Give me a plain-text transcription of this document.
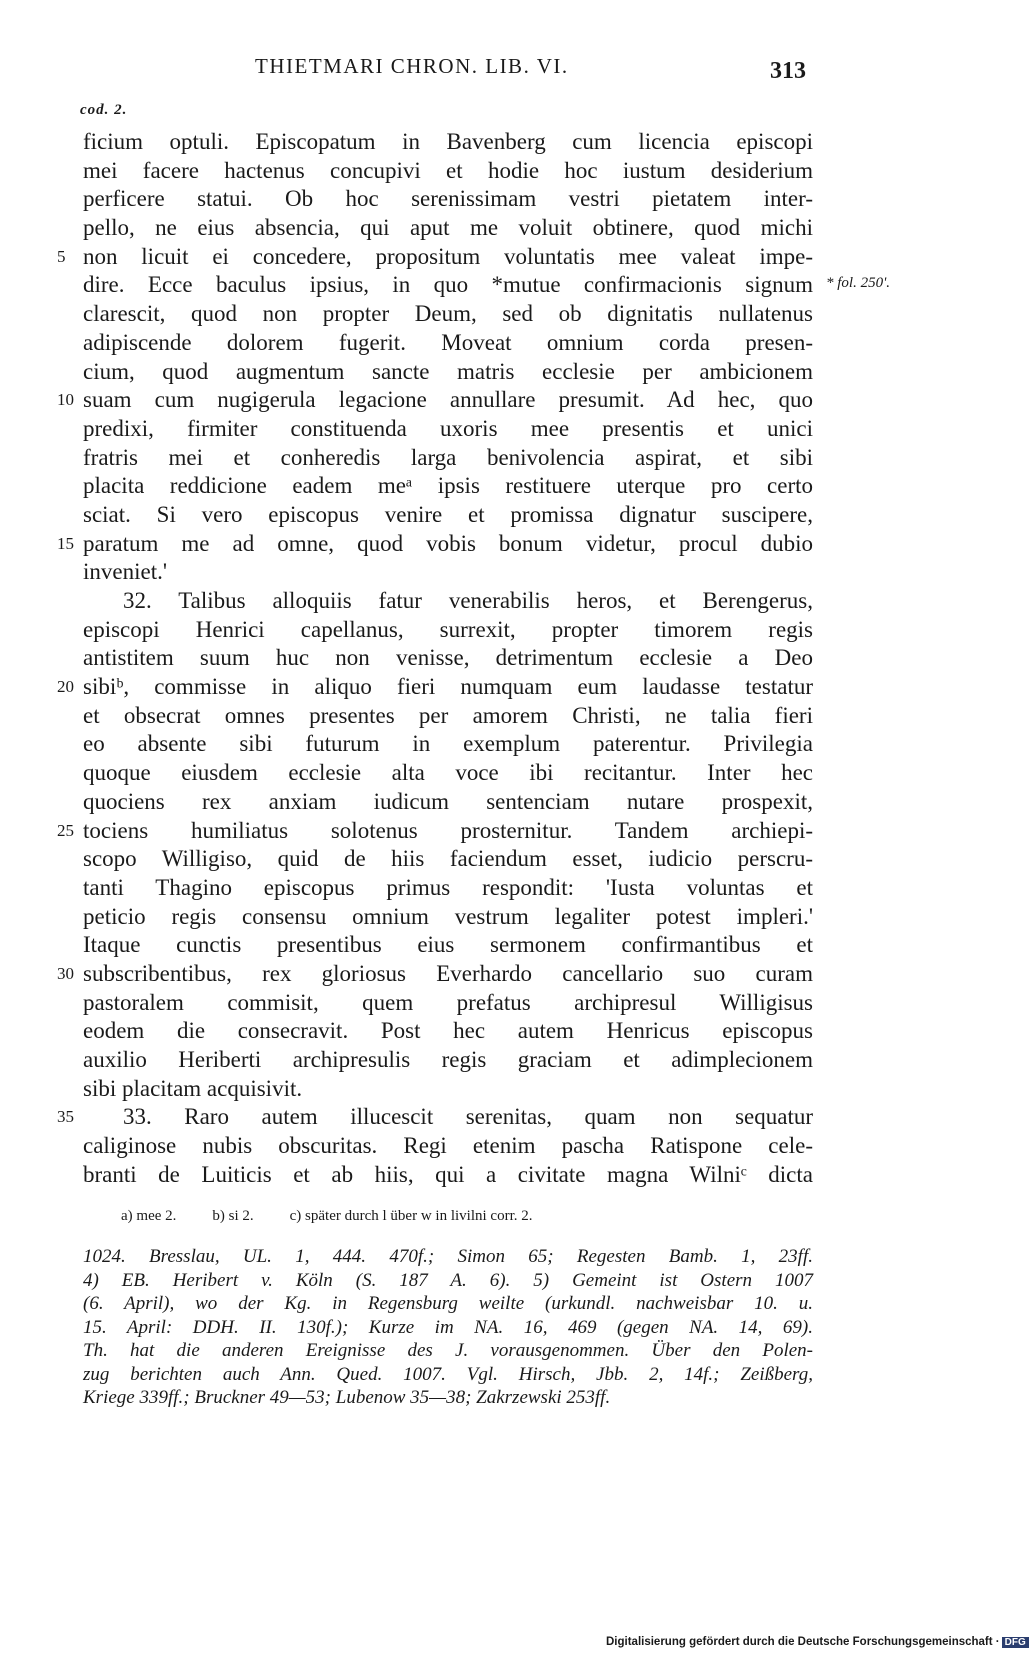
THIETMARI CHRON. LIB. VI.	313
cod. 2.
ficium optuli. Episcopatum in Bavenberg cum licencia episcopi
mei facere hactenus concupivi et hodie hoc iustum desiderium
perficere statui. Ob hoc serenissimam vestri pietatem inter-
pello, ne eius absencia, qui aput me voluit obtinere, quod michi
5 non licuit ei concedere, propositum voluntatis mee valeat impe-
dire. Ecce baculus ipsius, in quo *mutue confirmacionis signum
clarescit, quod non propter Deum, sed ob dignitatis nullatenus
adipiscende dolorem fugerit. Moveat omnium corda presen-
cium, quod augmentum sancte matris ecclesie per ambicionem
10 suam cum nugigerula legacione annullare presumit. Ad hec, quo
predixi, firmiter constituenda uxoris mee presentis et unici
fratris mei et conheredis larga benivolencia aspirat, et sibi
placita reddicione eadem meᵃ ipsis restituere uterque pro certo
sciat. Si vero episcopus venire et promissa dignatur suscipere,
15 paratum me ad omne, quod vobis bonum videtur, procul dubio
inveniet.'
32. Talibus alloquiis fatur venerabilis heros, et Berengerus,
episcopi Henrici capellanus, surrexit, propter timorem regis
antistitem suum huc non venisse, detrimentum ecclesie a Deo
20 sibiᵇ, commisse in aliquo fieri numquam eum laudasse testatur
et obsecrat omnes presentes per amorem Christi, ne talia fieri
eo absente sibi futurum in exemplum paterentur. Privilegia
quoque eiusdem ecclesie alta voce ibi recitantur. Inter hec
quociens rex anxiam iudicum sentenciam nutare prospexit,
25 tociens humiliatus solotenus prosternitur. Tandem archiepi-
scopo Willigiso, quid de hiis faciendum esset, iudicio perscru-
tanti Thagino episcopus primus respondit: 'Iusta voluntas et
peticio regis consensu omnium vestrum legaliter potest impleri.'
Itaque cunctis presentibus eius sermonem confirmantibus et
30 subscribentibus, rex gloriosus Everhardo cancellario suo curam
pastoralem commisit, quem prefatus archipresul Willigisus
eodem die consecravit. Post hec autem Henricus episcopus
auxilio Heriberti archipresulis regis graciam et adimplecionem
sibi placitam acquisivit.
35 33. Raro autem illucescit serenitas, quam non sequatur
caliginose nubis obscuritas. Regi etenim pascha Ratispone cele-
branti de Luiticis et ab hiis, qui a civitate magna Wilniᶜ dicta
* fol. 250'.
a) mee 2. b) si 2. c) später durch l über w in livilni corr. 2.
1024. Bresslau, UL. 1, 444. 470f.; Simon 65; Regesten Bamb. 1, 23ff.
4) EB. Heribert v. Köln (S. 187 A. 6). 5) Gemeint ist Ostern 1007
(6. April), wo der Kg. in Regensburg weilte (urkundl. nachweisbar 10. u.
15. April: DDH. II. 130f.); Kurze im NA. 16, 469 (gegen NA. 14, 69).
Th. hat die anderen Ereignisse des J. vorausgenommen. Über den Polen-
zug berichten auch Ann. Qued. 1007. Vgl. Hirsch, Jbb. 2, 14f.; Zeißberg,
Kriege 339ff.; Bruckner 49—53; Lubenow 35—38; Zakrzewski 253ff.
Digitalisierung gefördert durch die Deutsche Forschungsgemeinschaft · DFG
